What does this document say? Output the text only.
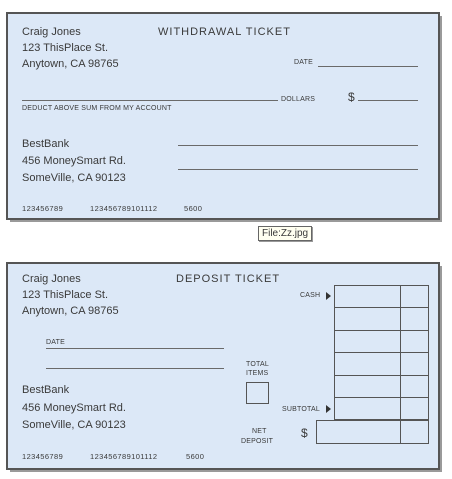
Craig Jones
123 ThisPlace St.
Anytown, CA 98765
WITHDRAWAL TICKET
DATE
DOLLARS	$
DEDUCT ABOVE SUM FROM MY ACCOUNT
BestBank
456 MoneySmart Rd.
SomeVille, CA 90123
123456789	123456789101112	5600
File:Zz.jpg
Craig Jones
123 ThisPlace St.
Anytown, CA 98765
DEPOSIT TICKET
DATE
TOTAL
ITEMS
CASH
SUBTOTAL
NET
DEPOSIT
$
BestBank
456 MoneySmart Rd.
SomeVille, CA 90123
123456789	123456789101112	5600
